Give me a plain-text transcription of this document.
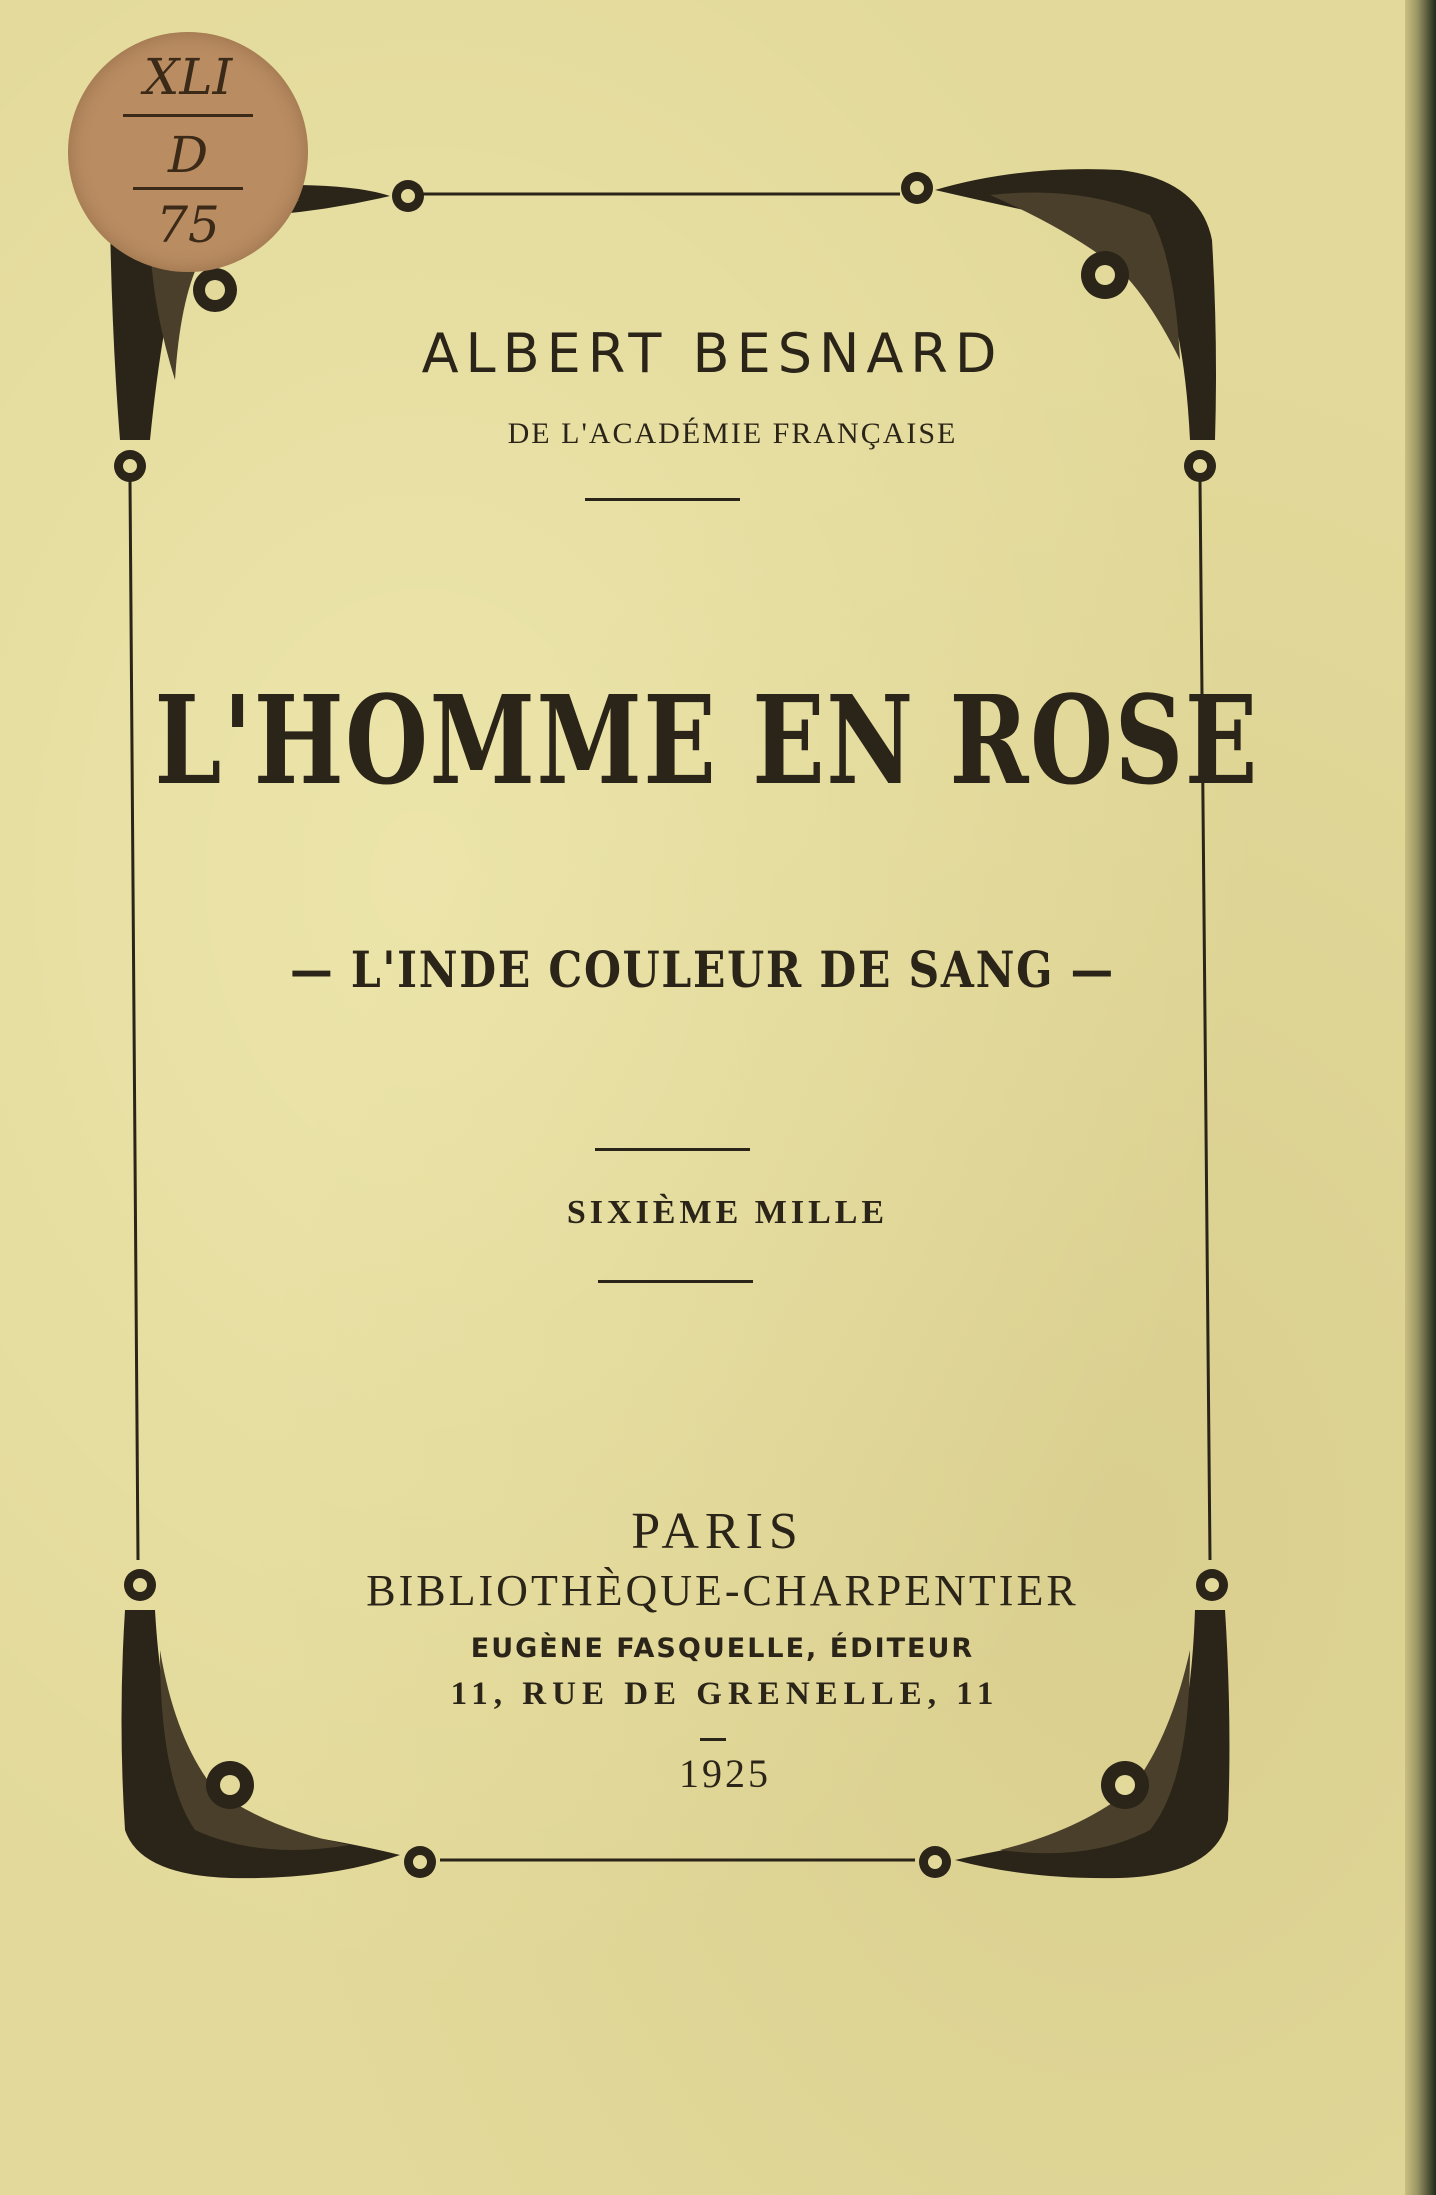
XLI
D
75
ALBERT BESNARD
DE L'ACADÉMIE FRANÇAISE
L'HOMME EN ROSE
— L'INDE COULEUR DE SANG —
SIXIÈME MILLE
PARIS
BIBLIOTHÈQUE-CHARPENTIER
EUGÈNE FASQUELLE, ÉDITEUR
11, RUE DE GRENELLE, 11
1925
